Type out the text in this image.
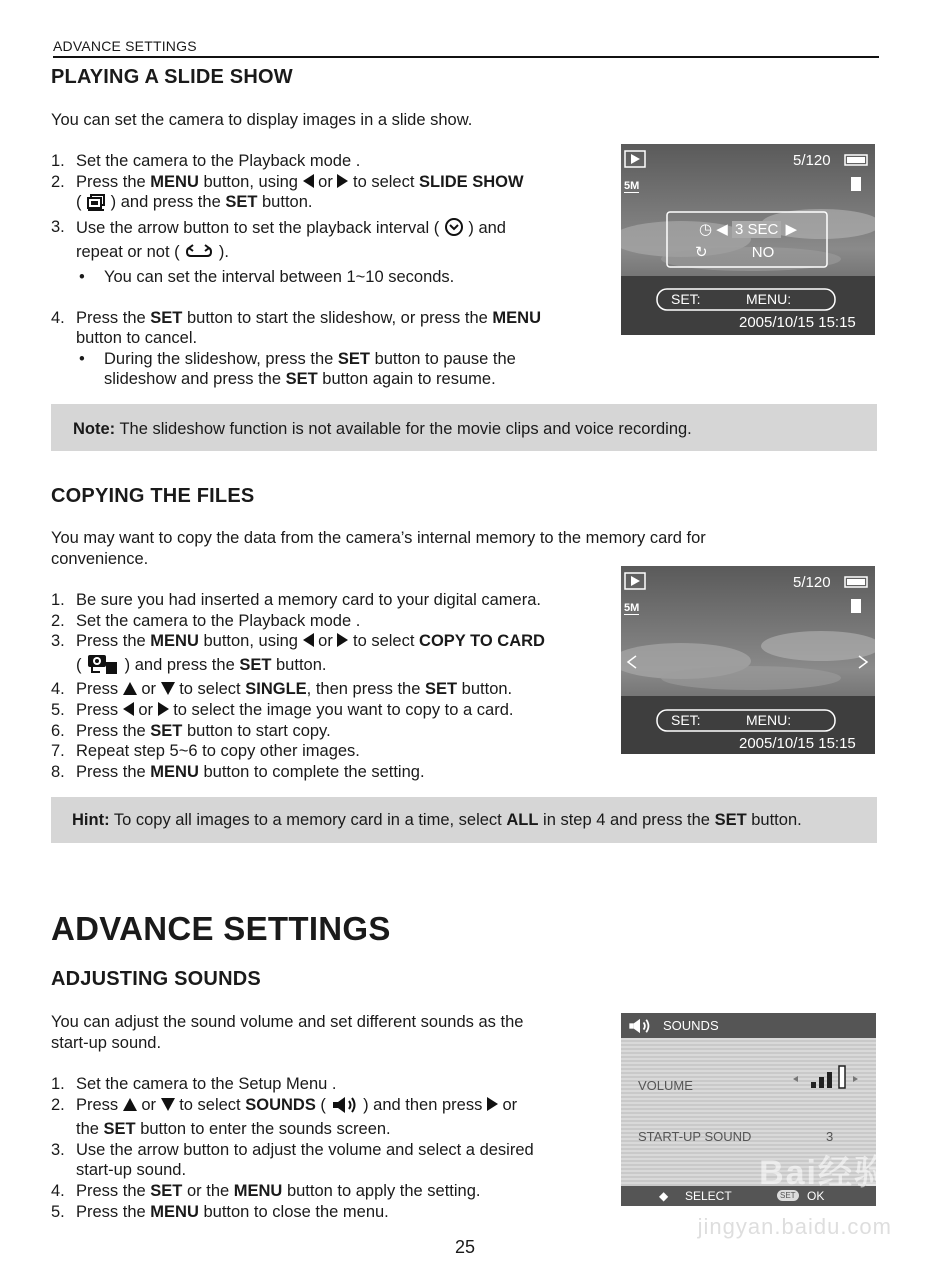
ADVANCE SETTINGS
PLAYING A SLIDE SHOW
You can set the camera to display images in a slide show.
1. Set the camera to the Playback mode .
2. Press the MENU button, using  or  to select SLIDE SHOW
(  ) and press the SET button.
3. Use the arrow button to set the playback interval (  ) and
repeat or not (  ).
• You can set the interval between 1~10 seconds.
4. Press the SET button to start the slideshow, or press the MENU
button to cancel.
• During the slideshow, press the SET button to pause the
slideshow and press the SET button again to resume.
5/120
5M
◷ ◀ 3 SEC ▶
↻	NO
SET:	MENU:
2005/10/15 15:15
Note: The slideshow function is not available for the movie clips and voice recording.
COPYING THE FILES
You may want to copy the data from the camera’s internal memory to the memory card for
convenience.
1. Be sure you had inserted a memory card to your digital camera.
2. Set the camera to the Playback mode .
3. Press the MENU button, using  or  to select COPY TO CARD
(  ) and press the SET button.
4. Press  or  to select SINGLE, then press the SET button.
5. Press  or  to select the image you want to copy to a card.
6. Press the SET button to start copy.
7. Repeat step 5~6 to copy other images.
8. Press the MENU button to complete the setting.
5/120
5M
SET:	MENU:
2005/10/15 15:15
Hint: To copy all images to a memory card in a time, select ALL in step 4 and press the SET button.
ADVANCE SETTINGS
ADJUSTING SOUNDS
You can adjust the sound volume and set different sounds as the
start-up sound.
1. Set the camera to the Setup Menu .
2. Press  or  to select SOUNDS (  ) and then press  or
the SET button to enter the sounds screen.
3. Use the arrow button to adjust the volume and select a desired
start-up sound.
4. Press the SET or the MENU button to apply the setting.
5. Press the MENU button to close the menu.
SOUNDS
VOLUME
START-UP SOUND	3
◆ SELECT	SET OK
Bai经验
jingyan.baidu.com
25
